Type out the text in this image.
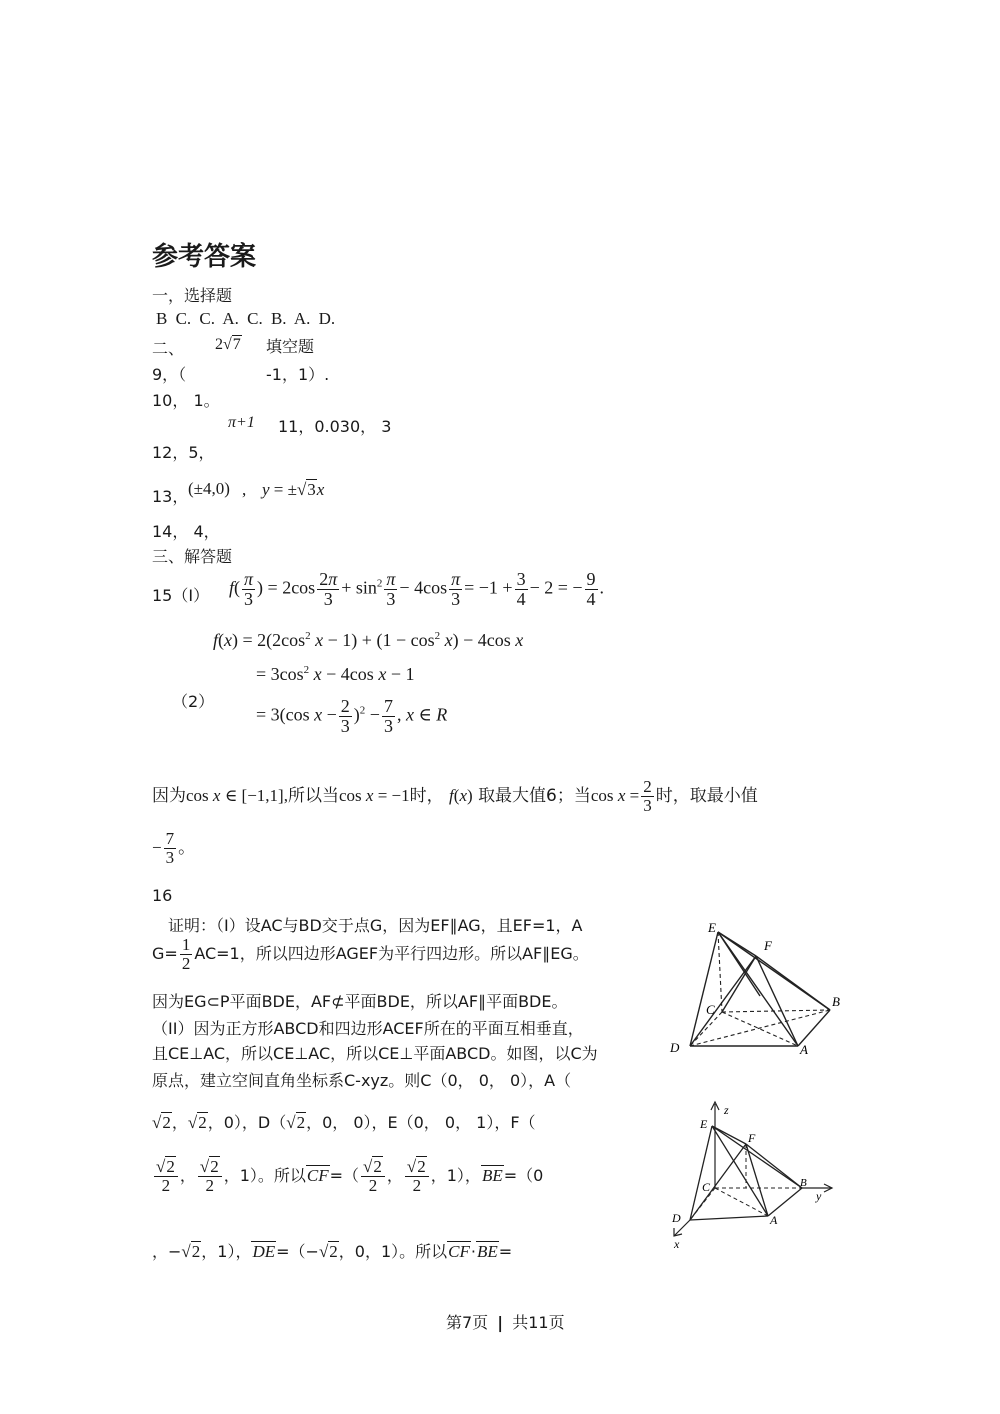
参考答案
一，选择题
B C. C. A. C. B. A. D.
二、 2√7 填空题
9，（	-1，1）.
10， 1。
π+1 11，0.030， 3
12，5，
13， (±4,0) , y = ±√3x
14， 4，
三、解答题
15（I） $f( \frac{\pi}{3}$ ) = $2\cos \frac{2\pi}{3} + \sin^2 \frac{\pi}{3} - 4\cos \frac{\pi}{3} = -1 + \frac{3}{4} - 2$ = − $\frac{9}{4}$ .
$f(x) = 2(2\cos^2$ $x - 1) + (1 - \cos^2 x) - 4\cos$ x
= $3\cos^2$ x − 4cos x − 1
（2）
= 3(cos $x - \frac{2}{3} )^2 - \frac{7}{3}$ , x ∈ R
因为cos x ∈ [−1,1],所以当cos x = −1时， f(x) 取最大值6；当$\cos x = \frac{2}{3}$ 时，取最小值
− $\frac{7}{3}$ 。
16
证明：（I）设AC与BD交于点G，因为EF∥AG，且EF=1，A
$G= \frac{1}{2} AC=1$，所以四边形AGEF为平行四边形。所以AF∥EG。
因为EG⊂P平面BDE，AF⊄平面BDE，所以AF∥平面BDE。
（II）因为正方形ABCD和四边形ACEF所在的平面互相垂直，
且CE⊥AC，所以CE⊥AC，所以CE⊥平面ABCD。如图，以C为
原点，建立空间直角坐标系C-xyz。则C（0， 0， 0），A（
√2，√2，0），D（√2，0， 0），E（0， 0， 1），F（
$\frac{√2}{2}$ ， $\frac{√2}{2}$ ，1）。所以$CF=( \frac{√2}{2}$ ， $\frac{√2}{2}$ ，1），BE=（0
，−√2，1），DE=（−√2，0，1）。所以CF·BE=
E
F
B
C
D	A
z
E
F
B
y
C
D	A
x
第7页 | 共11页
